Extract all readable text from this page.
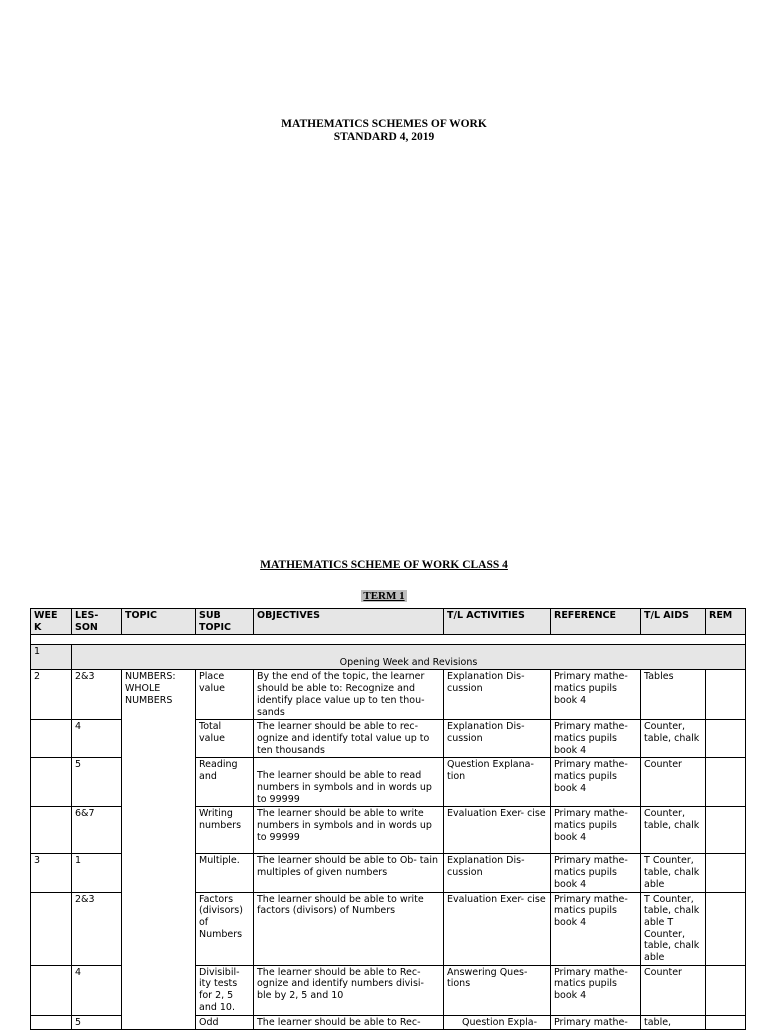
MATHEMATICS SCHEMES OF WORK
STANDARD 4, 2019
MATHEMATICS SCHEME OF WORK CLASS 4
TERM 1
WEE K	LES- SON	TOPIC	SUB TOPIC	OBJECTIVES	T/L ACTIVITIES	REFERENCE	T/L AIDS	REM

1	Opening Week and Revisions							
2	2&3	NUMBERS: WHOLE NUMBERS	Place value	By the end of the topic, the learner should be able to: Recognize and identify place value up to ten thou- sands	Explanation Dis- cussion	Primary mathe- matics pupils book 4	Tables	
	4		Total value	The learner should be able to rec- ognize and identify total value up to ten thousands	Explanation Dis- cussion	Primary mathe- matics pupils book 4	Counter, table, chalk	
	5		Reading and	The learner should be able to read numbers in symbols and in words up to 99999	Question Explana- tion	Primary mathe- matics pupils book 4	Counter	
	6&7		Writing numbers	The learner should be able to write numbers in symbols and in words up to 99999	Evaluation Exer- cise	Primary mathe- matics pupils book 4	Counter, table, chalk	
3	1		Multiple.	The learner should be able to Ob- tain multiples of given numbers	Explanation Dis- cussion	Primary mathe- matics pupils book 4	T Counter, table, chalk able	
	2&3		Factors (divisors) of Numbers	The learner should be able to write factors (divisors) of Numbers	Evaluation Exer- cise	Primary mathe- matics pupils book 4	T Counter, table, chalk able T Counter, table, chalk able	
	4		Divisibil- ity tests for 2, 5 and 10.	The learner should be able to Rec- ognize and identify numbers divisi- ble by 2, 5 and 10	Answering Ques- tions	Primary mathe- matics pupils book 4	Counter	
	5		Odd	The learner should be able to Rec-	Question Expla-	Primary mathe-	table,	
